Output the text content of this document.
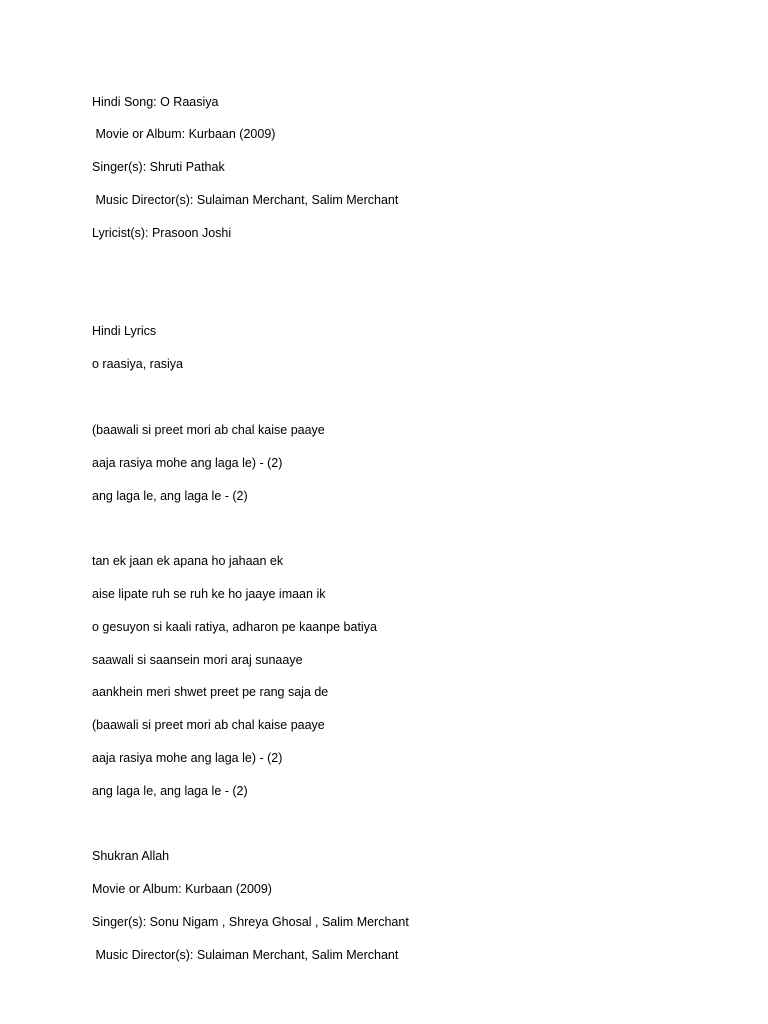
Hindi Song: O Raasiya
Movie or Album: Kurbaan (2009)
Singer(s): Shruti Pathak
Music Director(s): Sulaiman Merchant, Salim Merchant
Lyricist(s): Prasoon Joshi
Hindi Lyrics
o raasiya, rasiya
(baawali si preet mori ab chal kaise paaye
aaja rasiya mohe ang laga le) - (2)
ang laga le, ang laga le - (2)
tan ek jaan ek apana ho jahaan ek
aise lipate ruh se ruh ke ho jaaye imaan ik
o gesuyon si kaali ratiya, adharon pe kaanpe batiya
saawali si saansein mori araj sunaaye
aankhein meri shwet preet pe rang saja de
(baawali si preet mori ab chal kaise paaye
aaja rasiya mohe ang laga le) - (2)
ang laga le, ang laga le - (2)
Shukran Allah
Movie or Album: Kurbaan (2009)
Singer(s): Sonu Nigam , Shreya Ghosal , Salim Merchant
Music Director(s): Sulaiman Merchant, Salim Merchant
